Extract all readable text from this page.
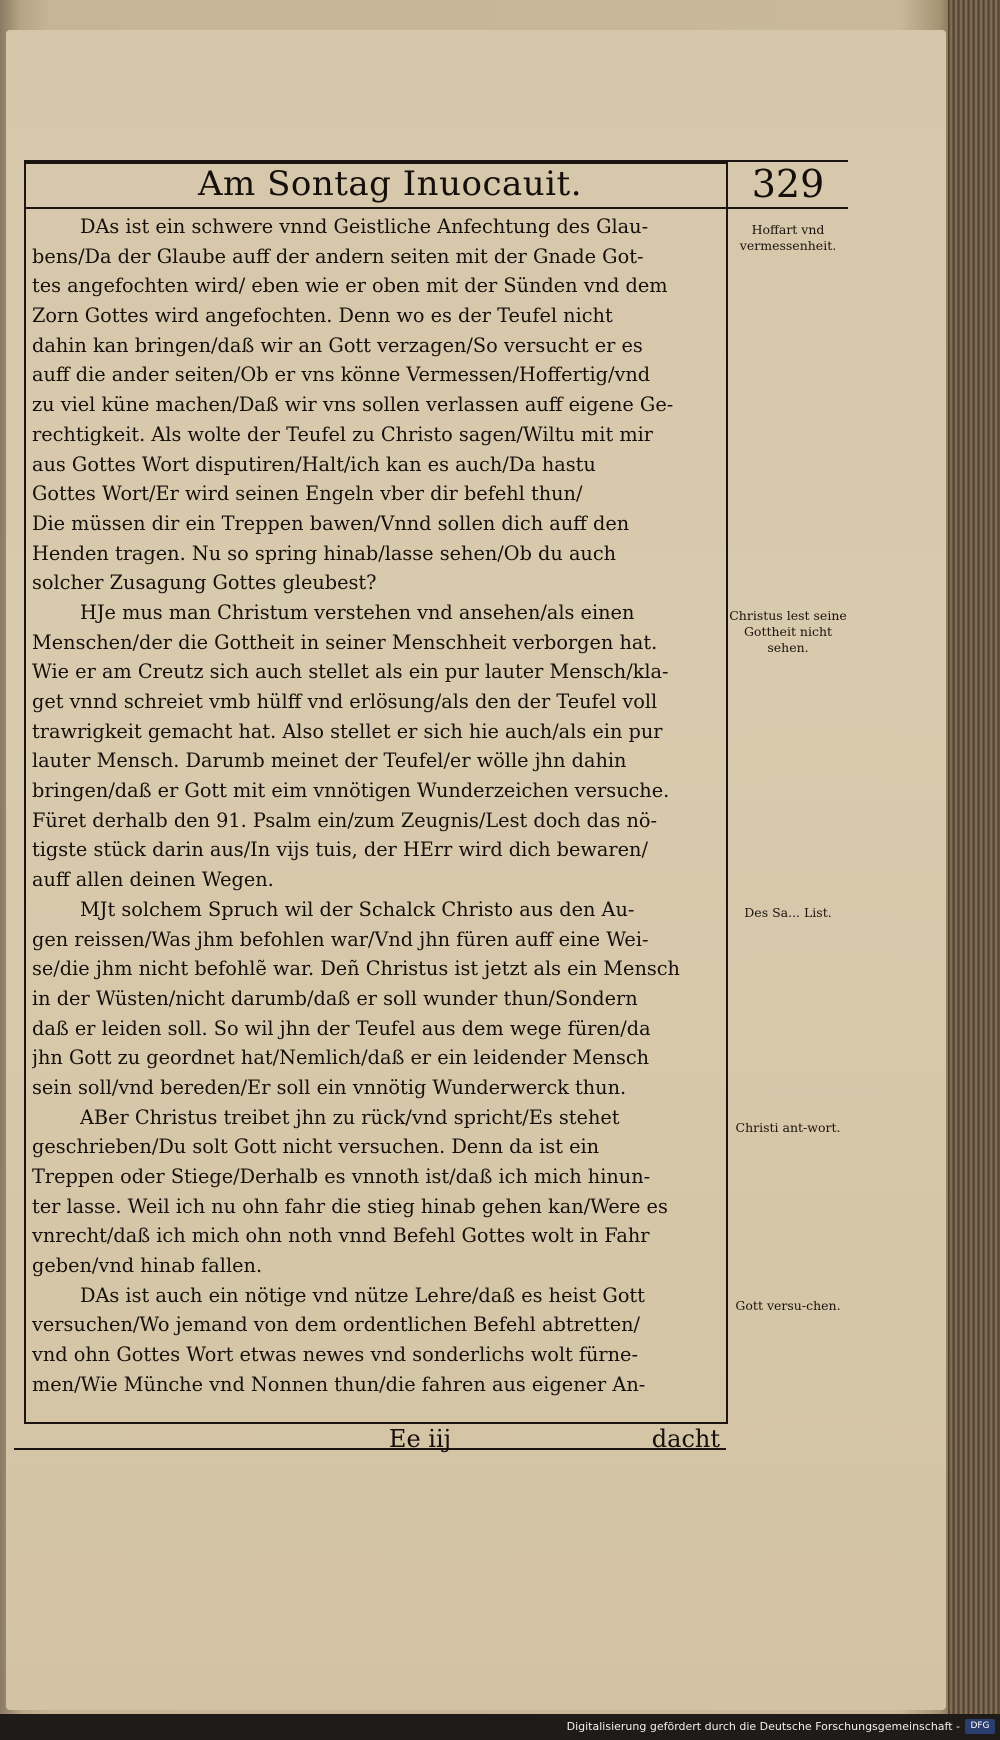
Am Sontag Inuocauit.	329
DAs ist ein schwere vnnd Geistliche Anfechtung des Glau-
bens/Da der Glaube auff der andern seiten mit der Gnade Got-
tes angefochten wird/ eben wie er oben mit der Sünden vnd dem
Zorn Gottes wird angefochten. Denn wo es der Teufel nicht
dahin kan bringen/daß wir an Gott verzagen/So versucht er es
auff die ander seiten/Ob er vns könne Vermessen/Hoffertig/vnd
zu viel küne machen/Daß wir vns sollen verlassen auff eigene Ge-
rechtigkeit. Als wolte der Teufel zu Christo sagen/Wiltu mit mir
aus Gottes Wort disputiren/Halt/ich kan es auch/Da hastu
Gottes Wort/Er wird seinen Engeln vber dir befehl thun/
Die müssen dir ein Treppen bawen/Vnnd sollen dich auff den
Henden tragen. Nu so spring hinab/lasse sehen/Ob du auch
solcher Zusagung Gottes gleubest?
HJe mus man Christum verstehen vnd ansehen/als einen
Menschen/der die Gottheit in seiner Menschheit verborgen hat.
Wie er am Creutz sich auch stellet als ein pur lauter Mensch/kla-
get vnnd schreiet vmb hülff vnd erlösung/als den der Teufel voll
trawrigkeit gemacht hat. Also stellet er sich hie auch/als ein pur
lauter Mensch. Darumb meinet der Teufel/er wölle jhn dahin
bringen/daß er Gott mit eim vnnötigen Wunderzeichen versuche.
Füret derhalb den 91. Psalm ein/zum Zeugnis/Lest doch das nö-
tigste stück darin aus/In vijs tuis, der HErr wird dich bewaren/
auff allen deinen Wegen.
MJt solchem Spruch wil der Schalck Christo aus den Au-
gen reissen/Was jhm befohlen war/Vnd jhn füren auff eine Wei-
se/die jhm nicht befohlẽ war. Deñ Christus ist jetzt als ein Mensch
in der Wüsten/nicht darumb/daß er soll wunder thun/Sondern
daß er leiden soll. So wil jhn der Teufel aus dem wege füren/da
jhn Gott zu geordnet hat/Nemlich/daß er ein leidender Mensch
sein soll/vnd bereden/Er soll ein vnnötig Wunderwerck thun.
ABer Christus treibet jhn zu rück/vnd spricht/Es stehet
geschrieben/Du solt Gott nicht versuchen. Denn da ist ein
Treppen oder Stiege/Derhalb es vnnoth ist/daß ich mich hinun-
ter lasse. Weil ich nu ohn fahr die stieg hinab gehen kan/Were es
vnrecht/daß ich mich ohn noth vnnd Befehl Gottes wolt in Fahr
geben/vnd hinab fallen.
DAs ist auch ein nötige vnd nütze Lehre/daß es heist Gott
versuchen/Wo jemand von dem ordentlichen Befehl abtretten/
vnd ohn Gottes Wort etwas newes vnd sonderlichs wolt fürne-
men/Wie Münche vnd Nonnen thun/die fahren aus eigener An-
Hoffart vnd vermessenheit.
Christus lest seine Gottheit nicht sehen.
Des Sa... List.
Christi ant-wort.
Gott versu-chen.
Ee iij	dacht
Digitalisierung gefördert durch die Deutsche Forschungsgemeinschaft -	DFG
